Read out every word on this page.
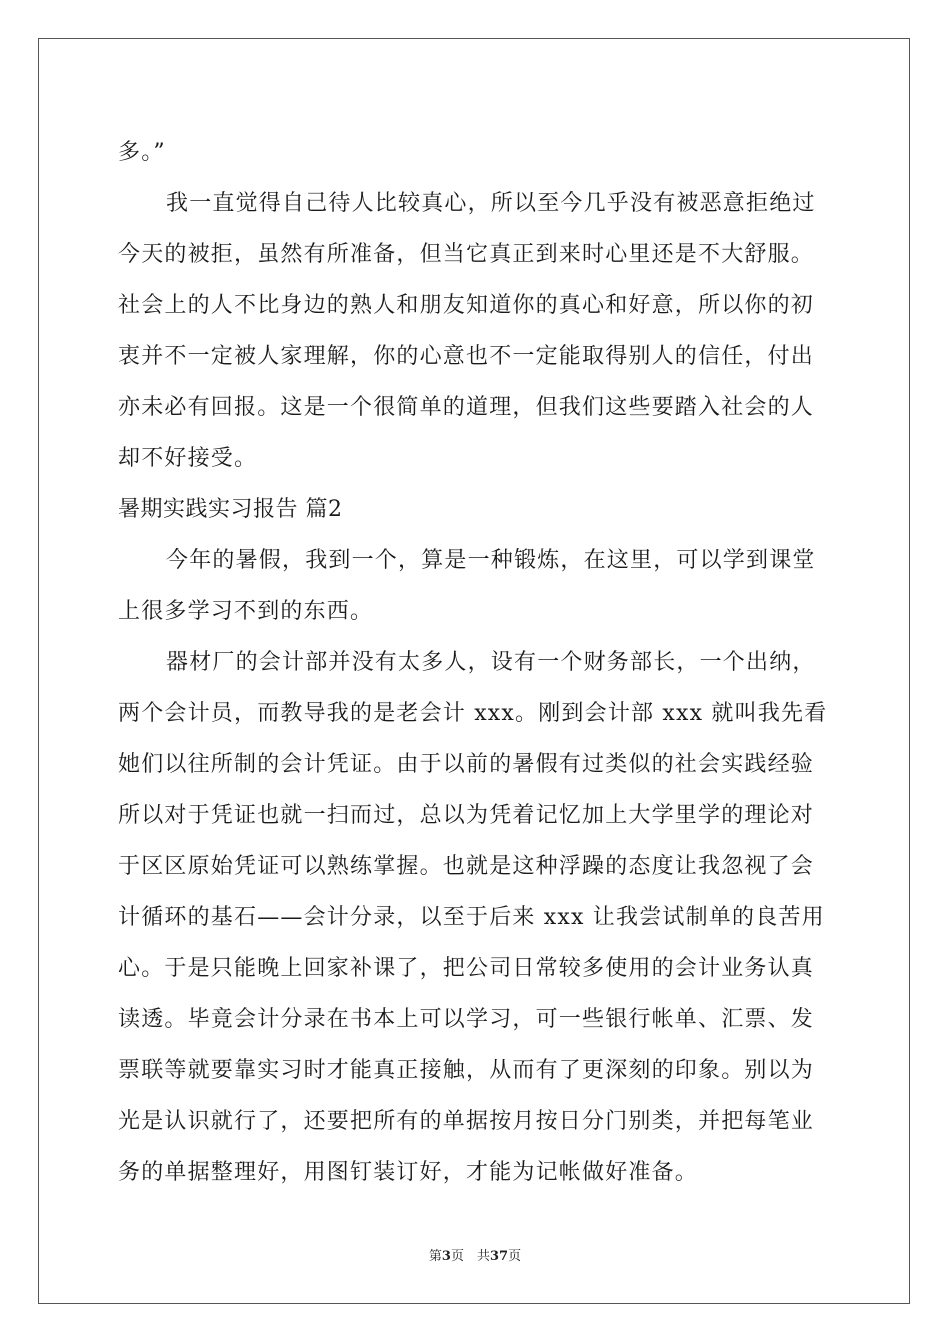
多。”
我一直觉得自己待人比较真心，所以至今几乎没有被恶意拒绝过
今天的被拒，虽然有所准备，但当它真正到来时心里还是不大舒服。
社会上的人不比身边的熟人和朋友知道你的真心和好意，所以你的初
衷并不一定被人家理解，你的心意也不一定能取得别人的信任，付出
亦未必有回报。这是一个很简单的道理，但我们这些要踏入社会的人
却不好接受。
暑期实践实习报告 篇2
今年的暑假，我到一个，算是一种锻炼，在这里，可以学到课堂
上很多学习不到的东西。
器材厂的会计部并没有太多人，设有一个财务部长，一个出纳，
两个会计员，而教导我的是老会计 xxx。刚到会计部 xxx 就叫我先看
她们以往所制的会计凭证。由于以前的暑假有过类似的社会实践经验
所以对于凭证也就一扫而过，总以为凭着记忆加上大学里学的理论对
于区区原始凭证可以熟练掌握。也就是这种浮躁的态度让我忽视了会
计循环的基石——会计分录，以至于后来 xxx 让我尝试制单的良苦用
心。于是只能晚上回家补课了，把公司日常较多使用的会计业务认真
读透。毕竟会计分录在书本上可以学习，可一些银行帐单、汇票、发
票联等就要靠实习时才能真正接触，从而有了更深刻的印象。别以为
光是认识就行了，还要把所有的单据按月按日分门别类，并把每笔业
务的单据整理好，用图钉装订好，才能为记帐做好准备。
第3页　共37页
